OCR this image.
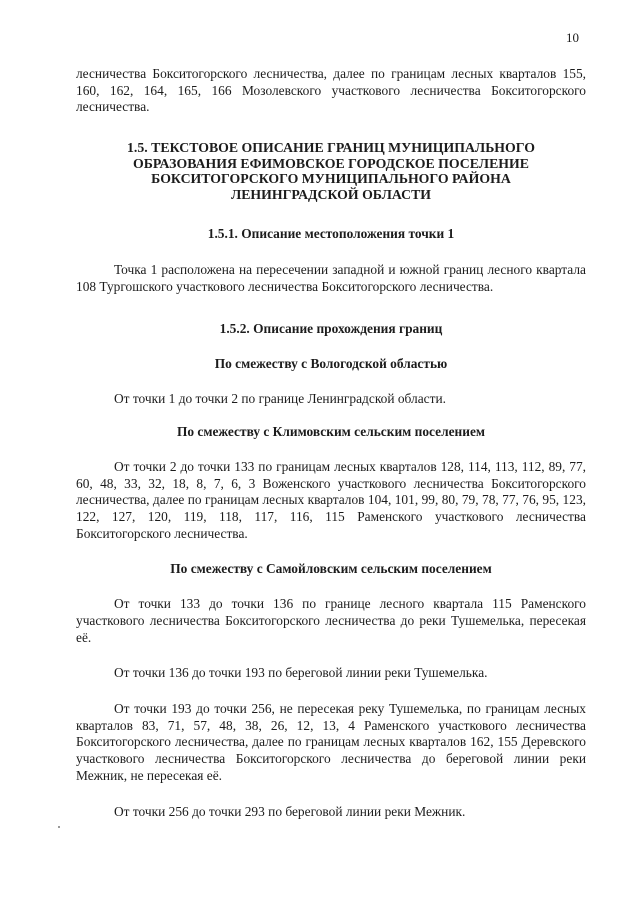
10

лесничества Бокситогорского лесничества, далее по границам лесных кварталов 155, 160, 162, 164, 165, 166 Мозолевского участкового лесничества Бокситогорского лесничества.

1.5. ТЕКСТОВОЕ ОПИСАНИЕ ГРАНИЦ МУНИЦИПАЛЬНОГО
ОБРАЗОВАНИЯ ЕФИМОВСКОЕ ГОРОДСКОЕ ПОСЕЛЕНИЕ
БОКСИТОГОРСКОГО МУНИЦИПАЛЬНОГО РАЙОНА
ЛЕНИНГРАДСКОЙ ОБЛАСТИ
1.5.1. Описание местоположения точки 1

Точка 1 расположена на пересечении западной и южной границ лесного квартала 108 Тургошского участкового лесничества Бокситогорского лесничества.

1.5.2. Описание прохождения границ
По смежеству с Вологодской областью

От точки 1 до точки 2 по границе Ленинградской области.

По смежеству с Климовским сельским поселением

От точки 2 до точки 133 по границам лесных кварталов 128, 114, 113, 112, 89, 77, 60, 48, 33, 32, 18, 8, 7, 6, 3 Воженского участкового лесничества Бокситогорского лесничества, далее по границам лесных кварталов 104, 101, 99, 80, 79, 78, 77, 76, 95, 123, 122, 127, 120, 119, 118, 117, 116, 115 Раменского участкового лесничества Бокситогорского лесничества.

По смежеству с Самойловским сельским поселением

От точки 133 до точки 136 по границе лесного квартала 115 Раменского участкового лесничества Бокситогорского лесничества до реки Тушемелька, пересекая её.

От точки 136 до точки 193 по береговой линии реки Тушемелька.

От точки 193 до точки 256, не пересекая реку Тушемелька, по границам лесных кварталов 83, 71, 57, 48, 38, 26, 12, 13, 4 Раменского участкового лесничества Бокситогорского лесничества, далее по границам лесных кварталов 162, 155 Деревского участкового лесничества Бокситогорского лесничества до береговой линии реки Межник, не пересекая её.

От точки 256 до точки 293 по береговой линии реки Межник.
